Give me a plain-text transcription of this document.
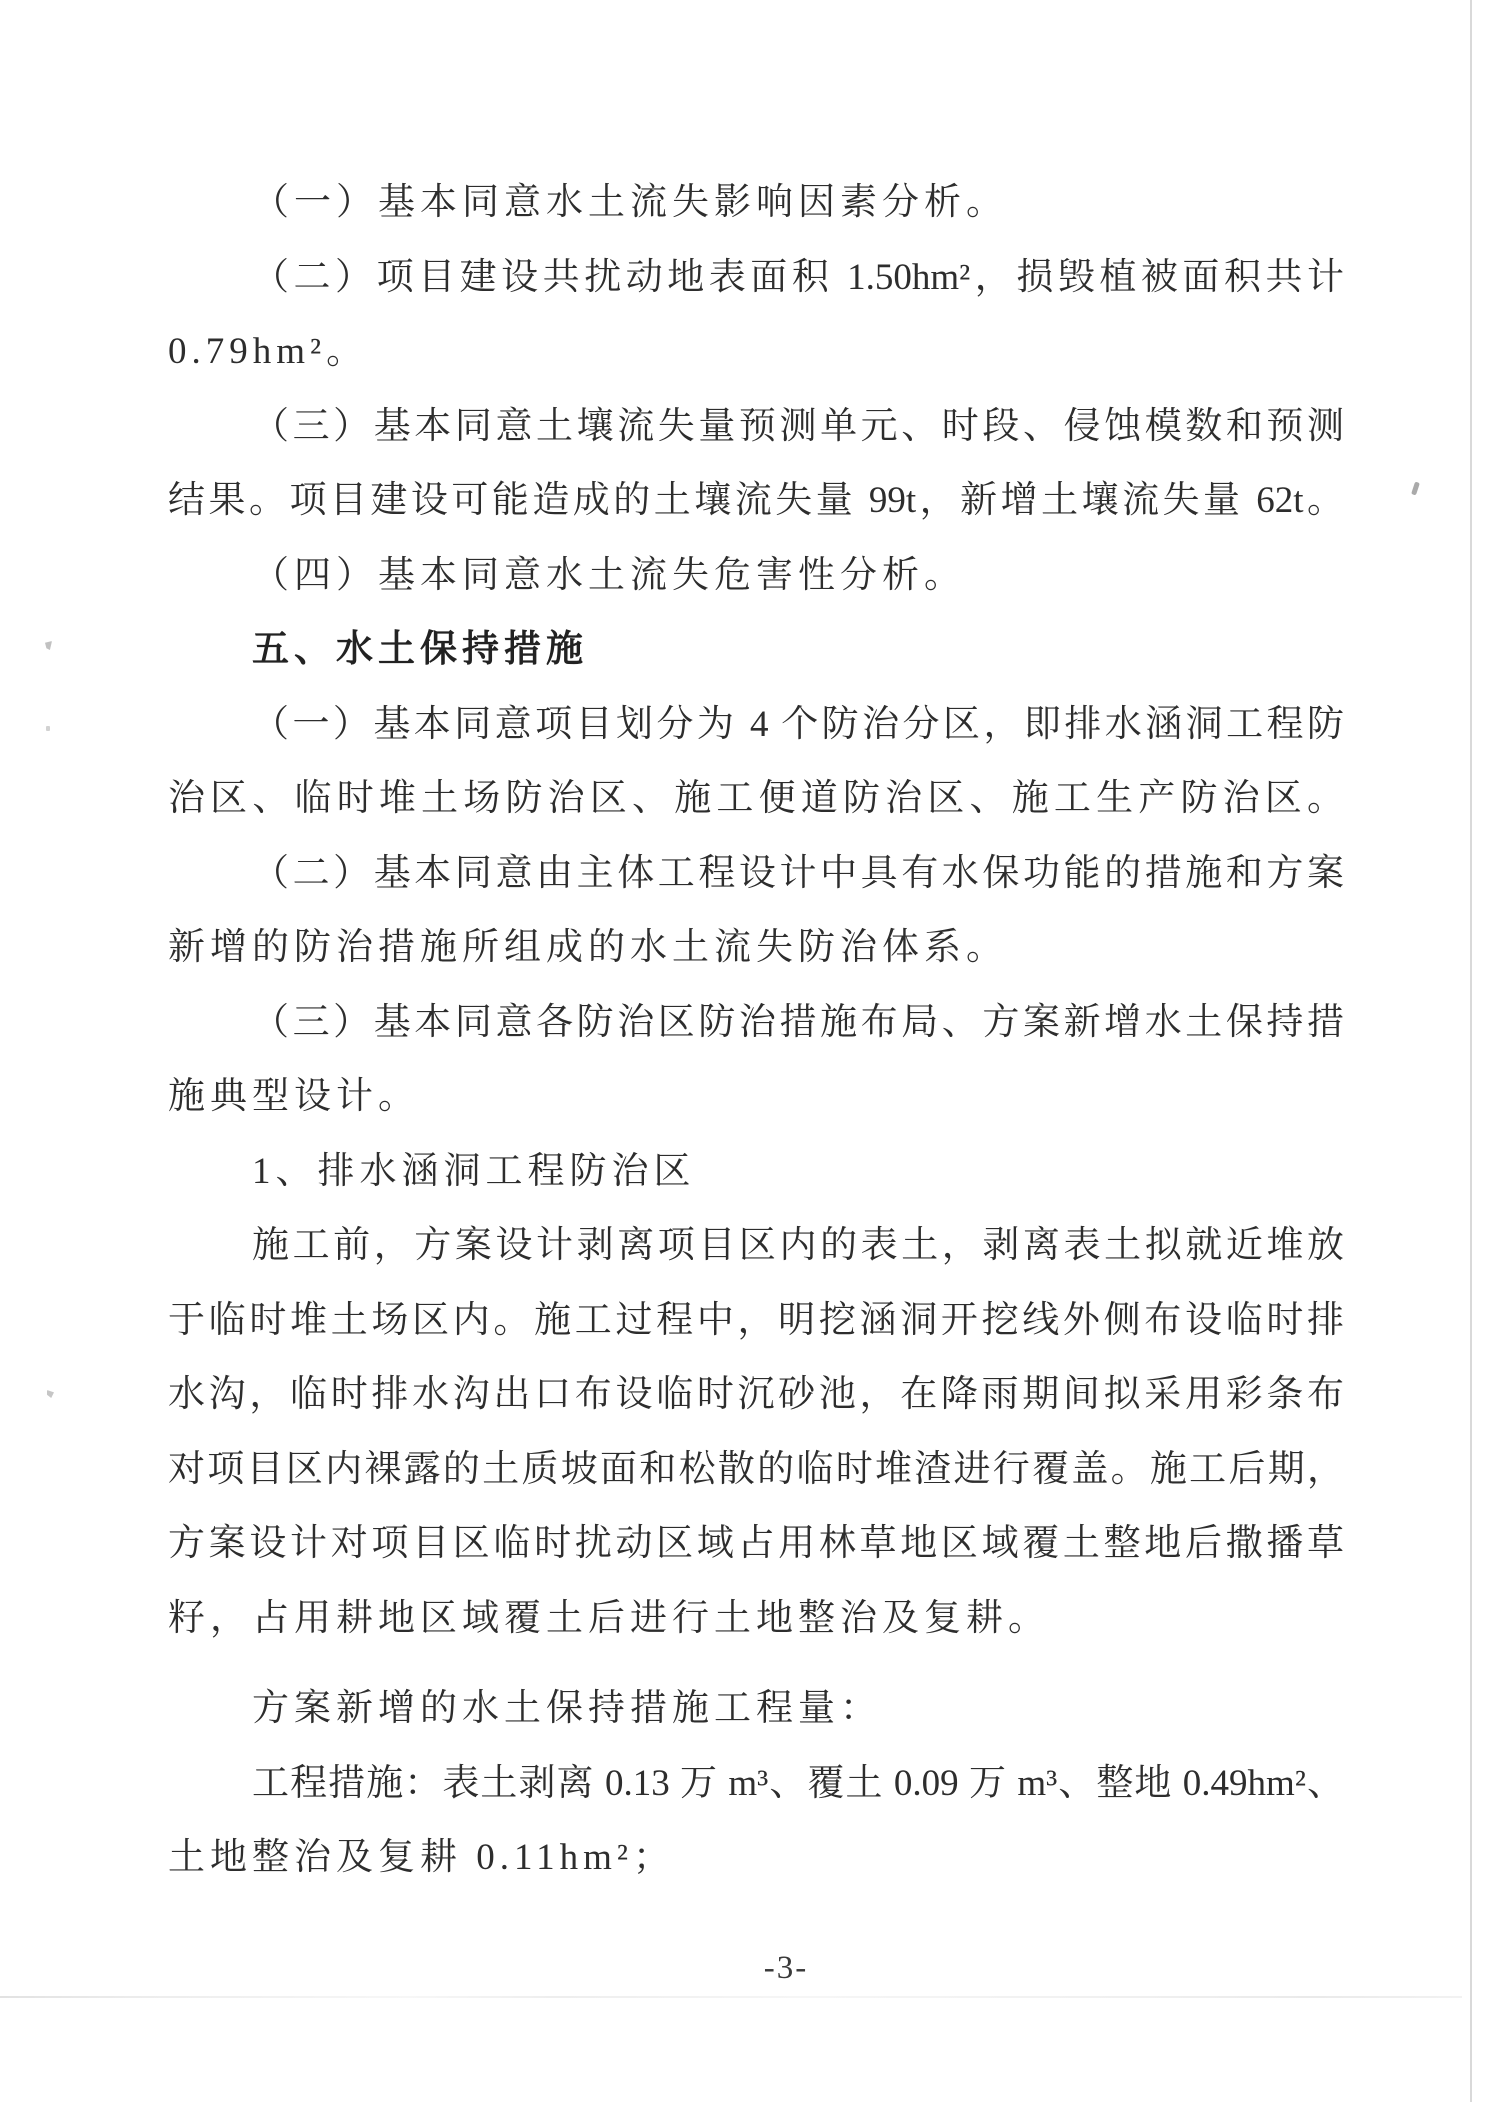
（一）基本同意水土流失影响因素分析。
（二）项目建设共扰动地表面积 1.50hm²，损毁植被面积共计
0.79hm²。
（三）基本同意土壤流失量预测单元、时段、侵蚀模数和预测
结果。项目建设可能造成的土壤流失量 99t，新增土壤流失量 62t。
（四）基本同意水土流失危害性分析。
五、水土保持措施
（一）基本同意项目划分为 4 个防治分区，即排水涵洞工程防
治区、临时堆土场防治区、施工便道防治区、施工生产防治区。
（二）基本同意由主体工程设计中具有水保功能的措施和方案
新增的防治措施所组成的水土流失防治体系。
（三）基本同意各防治区防治措施布局、方案新增水土保持措
施典型设计。
1、排水涵洞工程防治区
施工前，方案设计剥离项目区内的表土，剥离表土拟就近堆放
于临时堆土场区内。施工过程中，明挖涵洞开挖线外侧布设临时排
水沟，临时排水沟出口布设临时沉砂池，在降雨期间拟采用彩条布
对项目区内裸露的土质坡面和松散的临时堆渣进行覆盖。施工后期，
方案设计对项目区临时扰动区域占用林草地区域覆土整地后撒播草
籽，占用耕地区域覆土后进行土地整治及复耕。
方案新增的水土保持措施工程量：
工程措施：表土剥离 0.13 万 m³、覆土 0.09 万 m³、整地 0.49hm²、
土地整治及复耕 0.11hm²；
-3-
